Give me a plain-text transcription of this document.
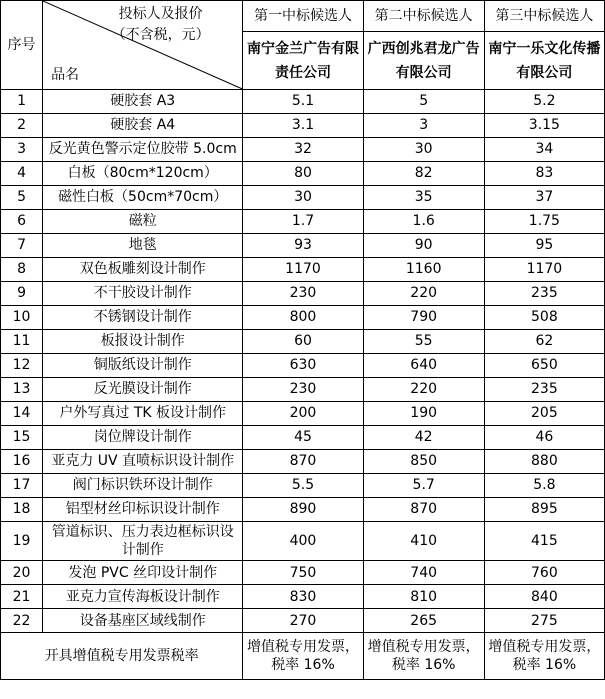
序号	投标人及报价
（不含税，元）
品名	第一中标候选人	第二中标候选人	第三中标候选人
		南宁金兰广告有限责任公司	广西创兆君龙广告有限公司	南宁一乐文化传播有限公司
1	硬胶套 A3	5.1	5	5.2
2	硬胶套 A4	3.1	3	3.15
3	反光黄色警示定位胶带 5.0cm	32	30	34
4	白板（80cm*120cm）	80	82	83
5	磁性白板（50cm*70cm）	30	35	37
6	磁粒	1.7	1.6	1.75
7	地毯	93	90	95
8	双色板雕刻设计制作	1170	1160	1170
9	不干胶设计制作	230	220	235
10	不锈钢设计制作	800	790	508
11	板报设计制作	60	55	62
12	铜版纸设计制作	630	640	650
13	反光膜设计制作	230	220	235
14	户外写真过 TK 板设计制作	200	190	205
15	岗位牌设计制作	45	42	46
16	亚克力 UV 直喷标识设计制作	870	850	880
17	阀门标识铁环设计制作	5.5	5.7	5.8
18	铝型材丝印标识设计制作	890	870	895
19	管道标识、压力表边框标识设计制作	400	410	415
20	发泡 PVC 丝印设计制作	750	740	760
21	亚克力宣传海板设计制作	830	810	840
22	设备基座区域线制作	270	265	275
开具增值税专用发票税率		增值税专用发票，税率 16%	增值税专用发票，税率 16%	增值税专用发票，税率 16%
